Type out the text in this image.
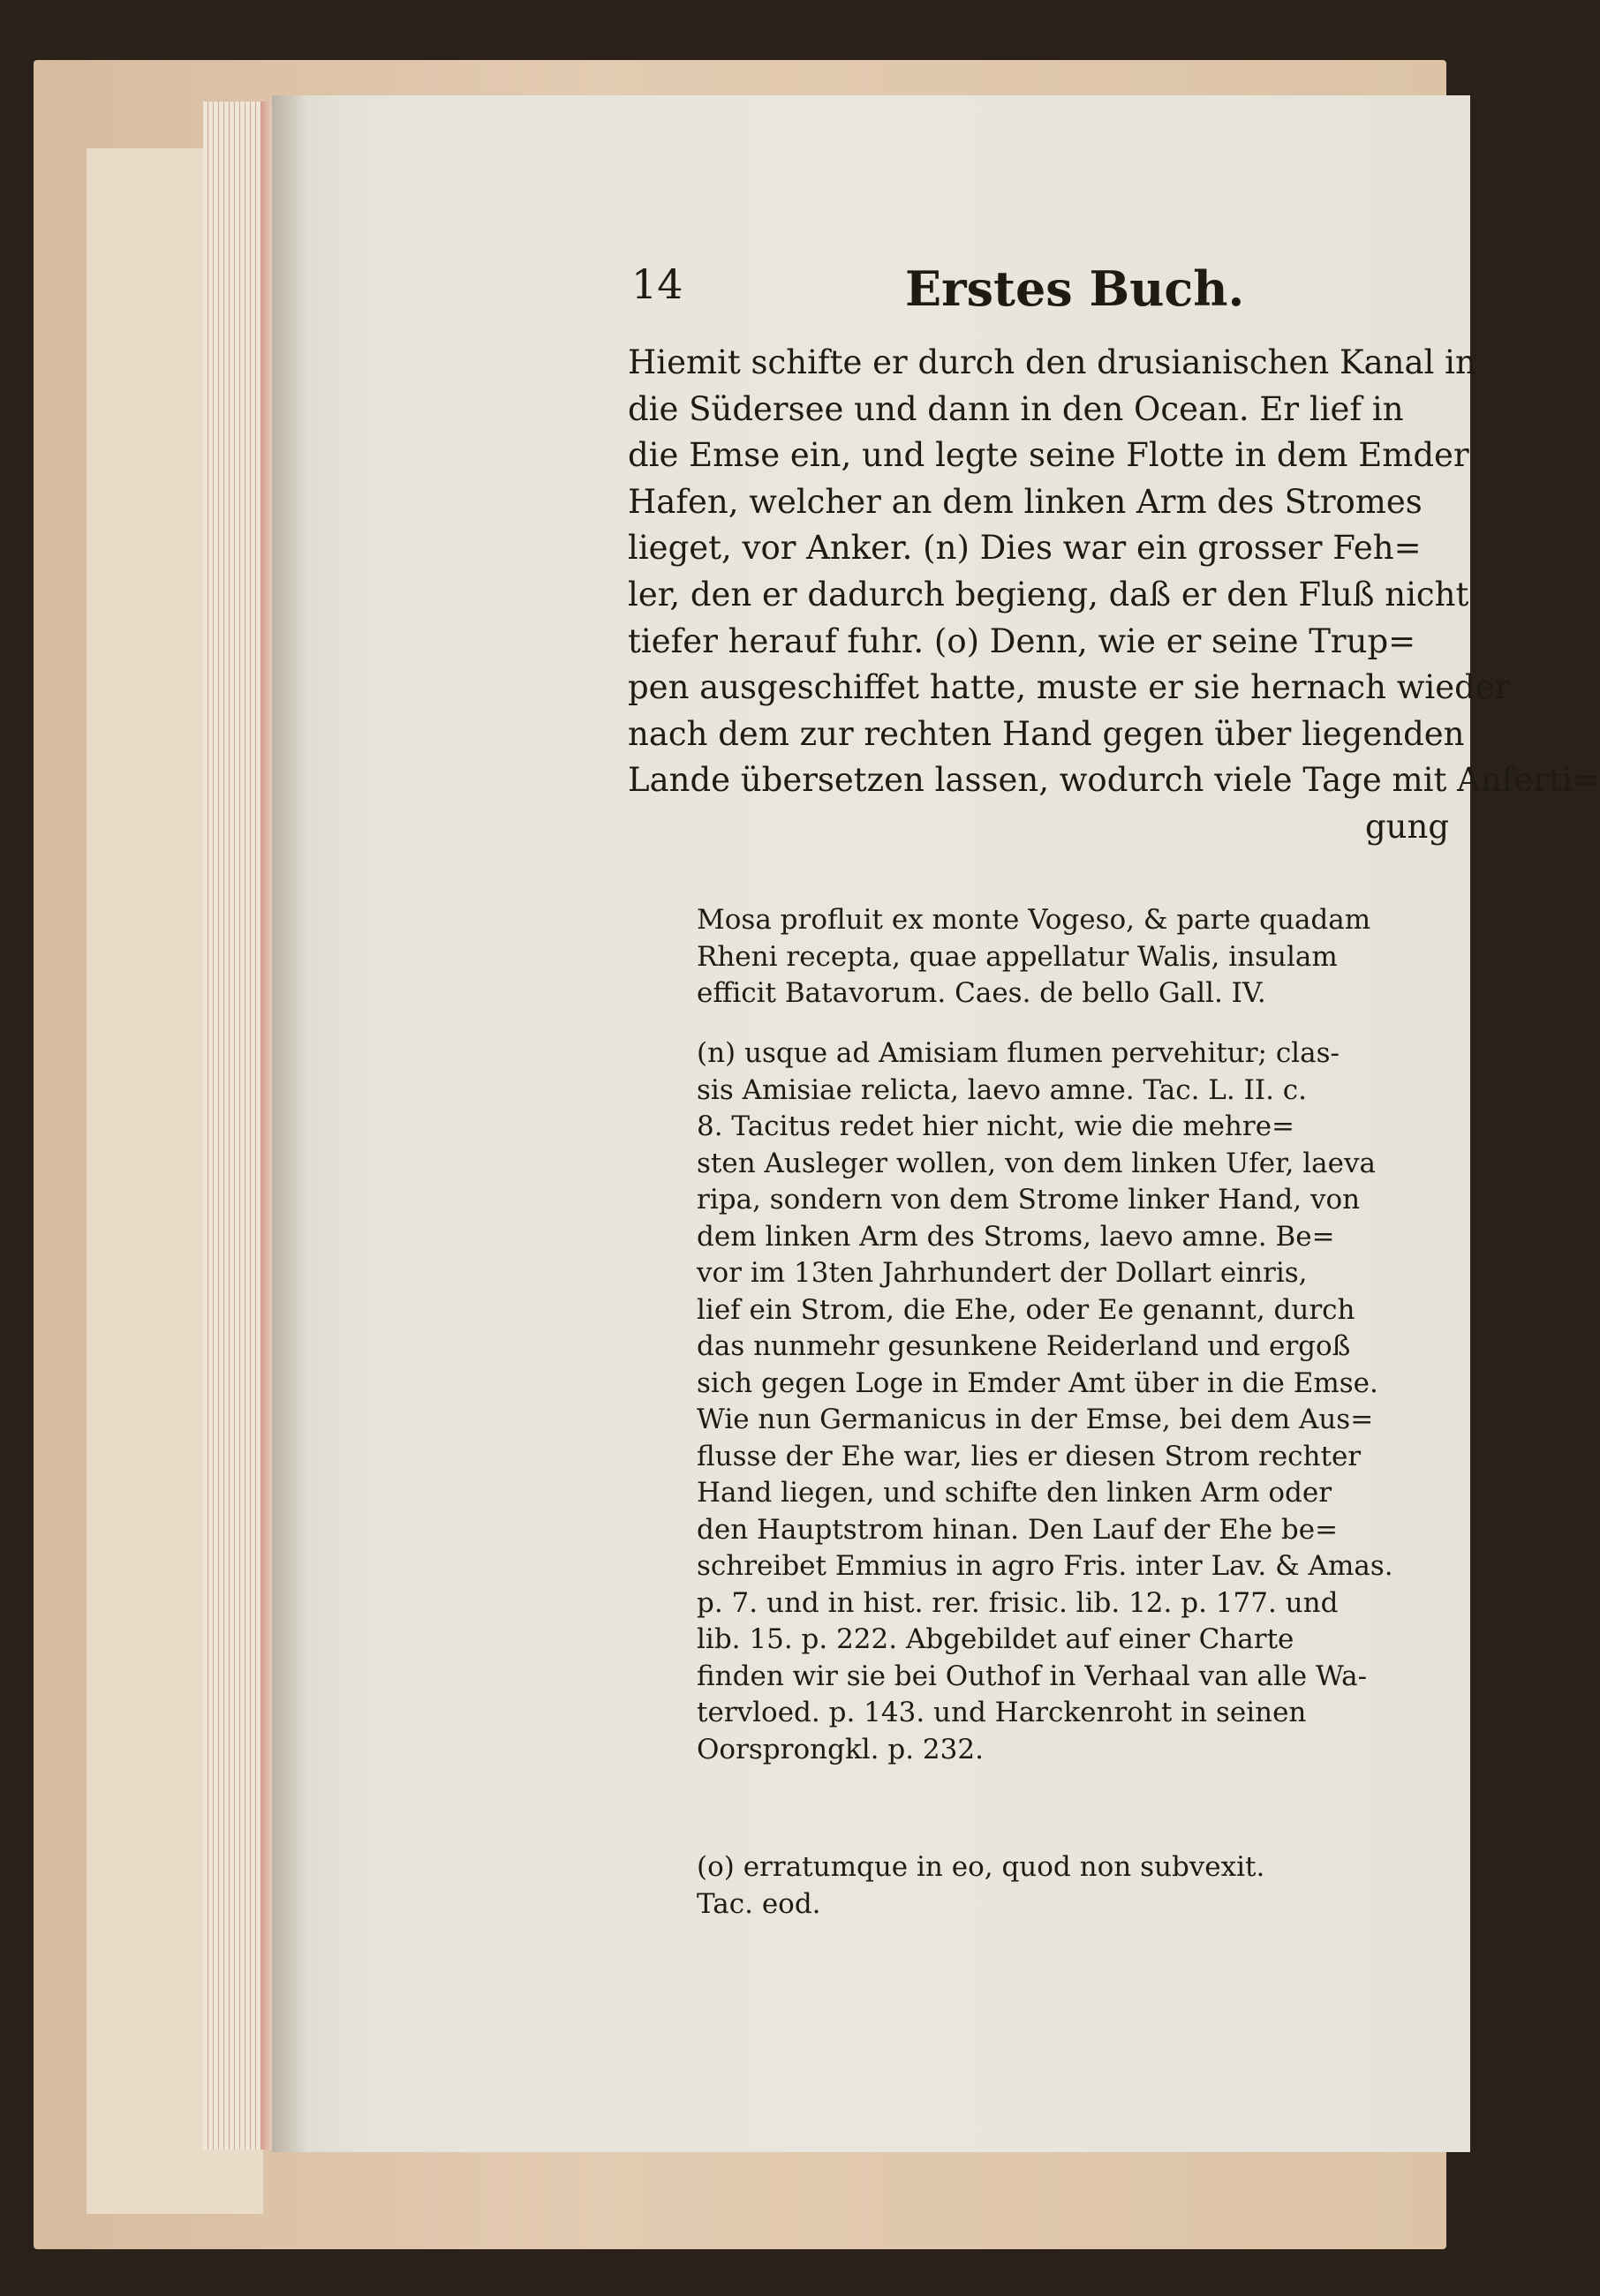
14	Erstes Buch.
Hiemit schifte er durch den drusianischen Kanal in
die Südersee und dann in den Ocean. Er lief in
die Emse ein, und legte seine Flotte in dem Emder
Hafen, welcher an dem linken Arm des Stromes
lieget, vor Anker. (n) Dies war ein grosser Feh=
ler, den er dadurch begieng, daß er den Fluß nicht
tiefer herauf fuhr. (o) Denn, wie er seine Trup=
pen ausgeschiffet hatte, muste er sie hernach wieder
nach dem zur rechten Hand gegen über liegenden
Lande übersetzen lassen, wodurch viele Tage mit Anferti=
gung
Mosa profluit ex monte Vogeso, & parte quadam
Rheni recepta, quae appellatur Walis, insulam
efficit Batavorum. Caes. de bello Gall. IV.
(n) usque ad Amisiam flumen pervehitur; clas-
sis Amisiae relicta, laevo amne. Tac. L. II. c.
8. Tacitus redet hier nicht, wie die mehre=
sten Ausleger wollen, von dem linken Ufer, laeva
ripa, sondern von dem Strome linker Hand, von
dem linken Arm des Stroms, laevo amne. Be=
vor im 13ten Jahrhundert der Dollart einris,
lief ein Strom, die Ehe, oder Ee genannt, durch
das nunmehr gesunkene Reiderland und ergoß
sich gegen Loge in Emder Amt über in die Emse.
Wie nun Germanicus in der Emse, bei dem Aus=
flusse der Ehe war, lies er diesen Strom rechter
Hand liegen, und schifte den linken Arm oder
den Hauptstrom hinan. Den Lauf der Ehe be=
schreibet Emmius in agro Fris. inter Lav. & Amas.
p. 7. und in hist. rer. frisic. lib. 12. p. 177. und
lib. 15. p. 222. Abgebildet auf einer Charte
finden wir sie bei Outhof in Verhaal van alle Wa-
tervloed. p. 143. und Harckenroht in seinen
Oorsprongkl. p. 232.
(o) erratumque in eo, quod non subvexit.
Tac. eod.
